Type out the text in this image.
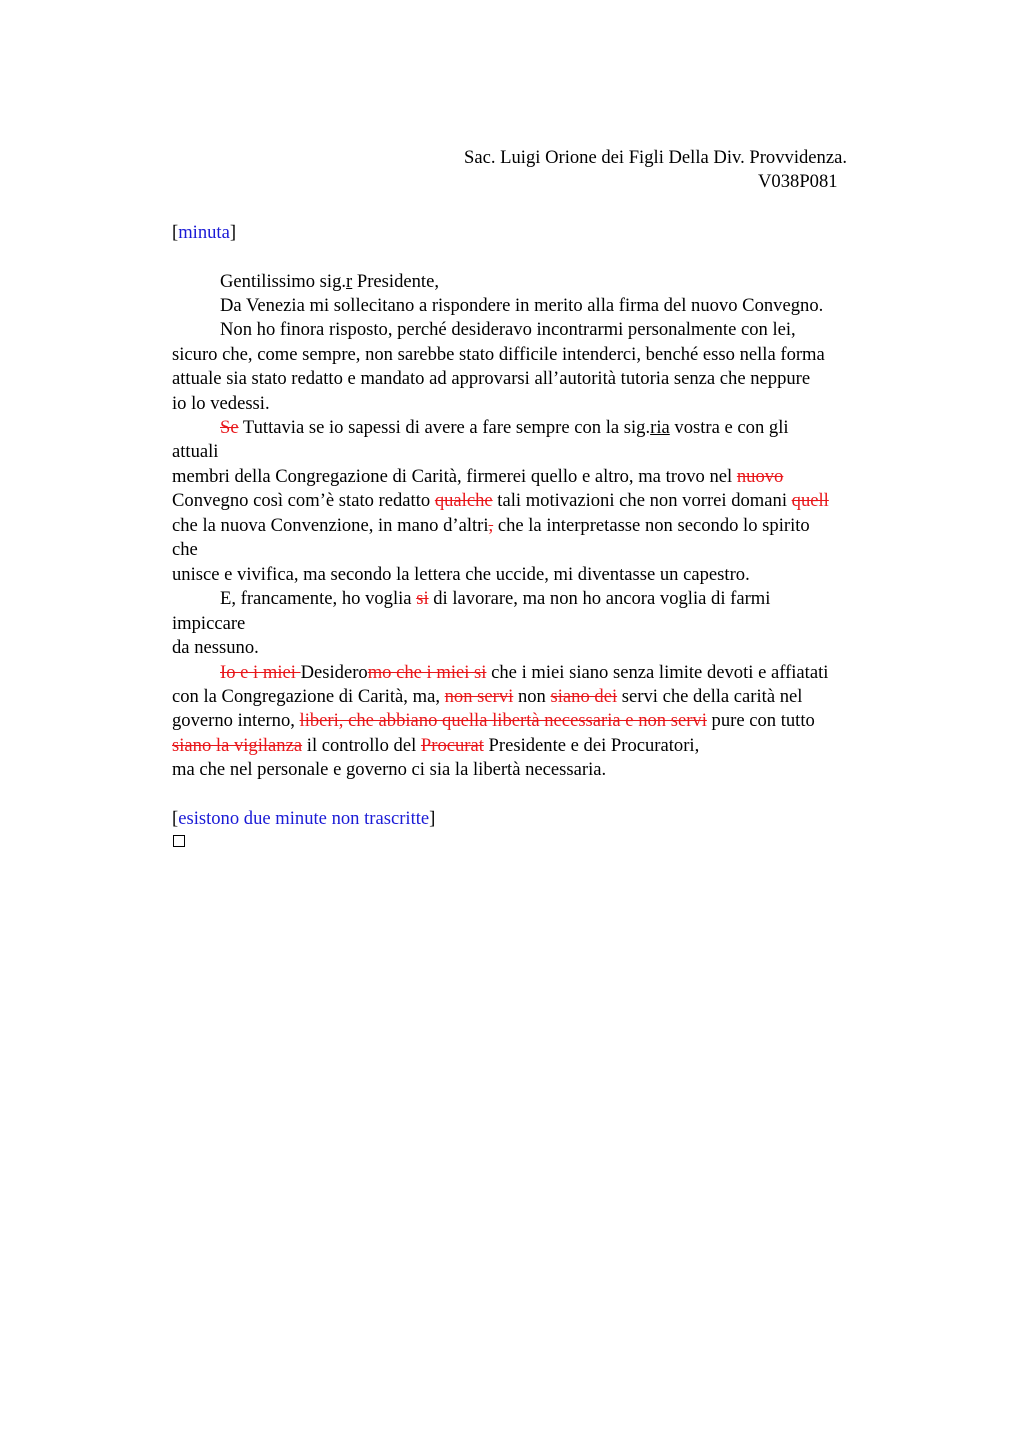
Sac. Luigi Orione dei Figli Della Div. Provvidenza.
V038P081
[minuta]
Gentilissimo sig.r Presidente,
Da Venezia mi sollecitano a rispondere in merito alla firma del nuovo Convegno.
Non ho finora risposto, perché desideravo incontrarmi personalmente con lei,
sicuro che, come sempre, non sarebbe stato difficile intenderci, benché esso nella forma
attuale sia stato redatto e mandato ad approvarsi all’autorità tutoria senza che neppure
io lo vedessi.
Se Tuttavia se io sapessi di avere a fare sempre con la sig.ria vostra e con gli
attuali
membri della Congregazione di Carità, firmerei quello e altro, ma trovo nel nuovo
Convegno così com’è stato redatto qualche tali motivazioni che non vorrei domani quell
che la nuova Convenzione, in mano d’altri, che la interpretasse non secondo lo spirito
che
unisce e vivifica, ma secondo la lettera che uccide, mi diventasse un capestro.
E, francamente, ho voglia si di lavorare, ma non ho ancora voglia di farmi
impiccare
da nessuno.
Io e i miei Desideromo che i miei si che i miei siano senza limite devoti e affiatati
con la Congregazione di Carità, ma, non servi non siano dei servi che della carità nel
governo interno, liberi, che abbiano quella libertà necessaria e non servi pure con tutto
siano la vigilanza il controllo del Procurat Presidente e dei Procuratori,
ma che nel personale e governo ci sia la libertà necessaria.
[esistono due minute non trascritte]
